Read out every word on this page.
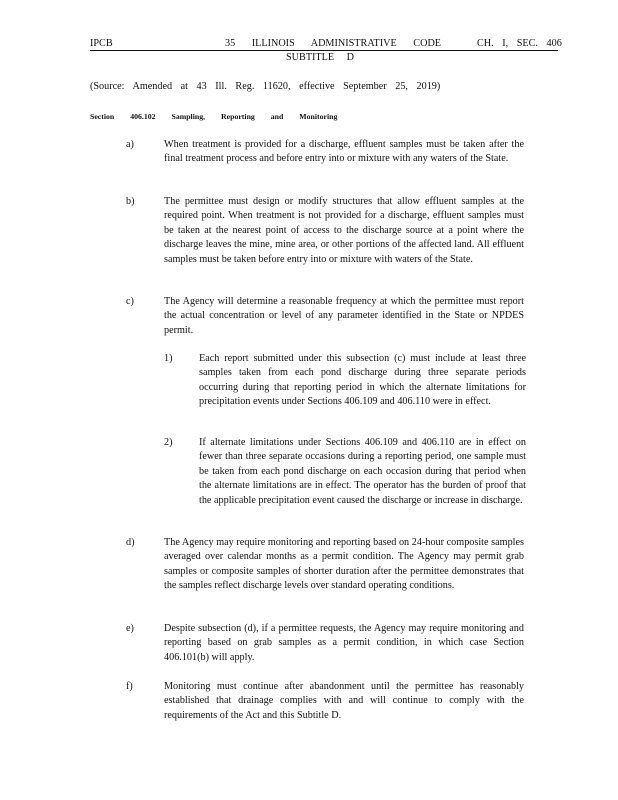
IPCB	35 ILLINOIS ADMINISTRATIVE CODE	CH. I, SEC. 406
SUBTITLE D
(Source: Amended at 43 Ill. Reg. 11620, effective September 25, 2019)
Section 406.102 Sampling, Reporting and Monitoring
a)	When treatment is provided for a discharge, effluent samples must be taken after the final treatment process and before entry into or mixture with any waters of the State.
b)	The permittee must design or modify structures that allow effluent samples at the required point. When treatment is not provided for a discharge, effluent samples must be taken at the nearest point of access to the discharge source at a point where the discharge leaves the mine, mine area, or other portions of the affected land. All effluent samples must be taken before entry into or mixture with waters of the State.
c)	The Agency will determine a reasonable frequency at which the permittee must report the actual concentration or level of any parameter identified in the State or NPDES permit.
1)	Each report submitted under this subsection (c) must include at least three samples taken from each pond discharge during three separate periods occurring during that reporting period in which the alternate limitations for precipitation events under Sections 406.109 and 406.110 were in effect.
2)	If alternate limitations under Sections 406.109 and 406.110 are in effect on fewer than three separate occasions during a reporting period, one sample must be taken from each pond discharge on each occasion during that period when the alternate limitations are in effect. The operator has the burden of proof that the applicable precipitation event caused the discharge or increase in discharge.
d)	The Agency may require monitoring and reporting based on 24-hour composite samples averaged over calendar months as a permit condition. The Agency may permit grab samples or composite samples of shorter duration after the permittee demonstrates that the samples reflect discharge levels over standard operating conditions.
e)	Despite subsection (d), if a permittee requests, the Agency may require monitoring and reporting based on grab samples as a permit condition, in which case Section 406.101(b) will apply.
f)	Monitoring must continue after abandonment until the permittee has reasonably established that drainage complies with and will continue to comply with the requirements of the Act and this Subtitle D.
